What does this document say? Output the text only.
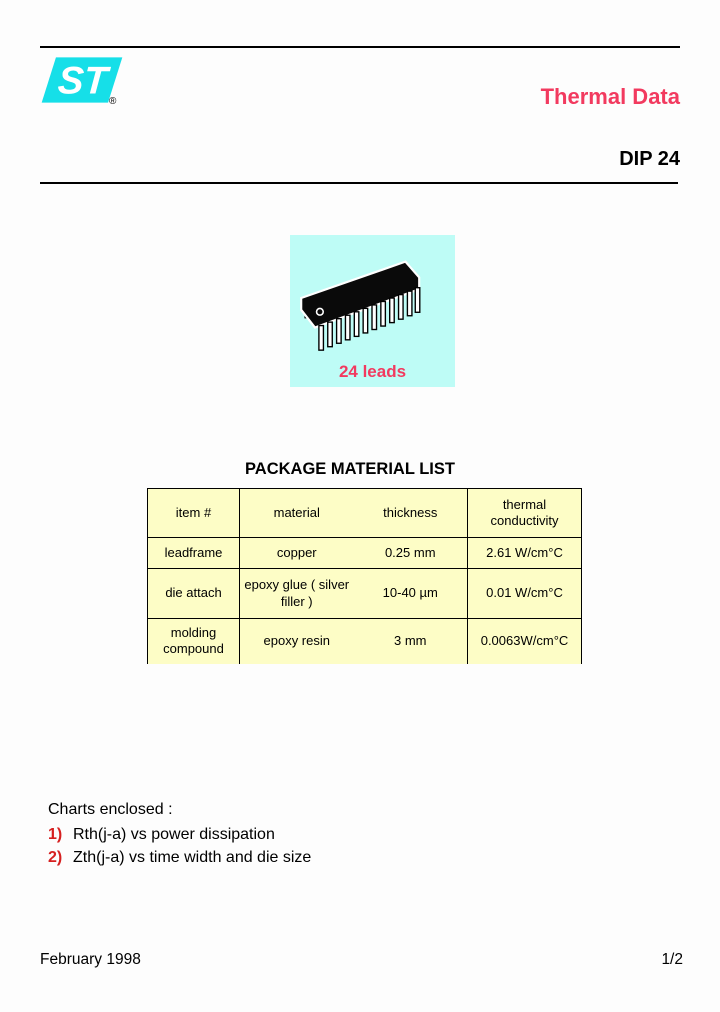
ST ®	Thermal Data
DIP 24
24 leads
PACKAGE MATERIAL LIST
item #	material	thickness	thermal conductivity
leadframe	copper	0.25 mm	2.61 W/cm°C
die attach	epoxy glue ( silver filler )	10-40 µm	0.01 W/cm°C
molding compound	epoxy resin	3 mm	0.0063W/cm°C

Charts enclosed :

1) Rth(j-a) vs power dissipation
2) Zth(j-a) vs time width and die size
February 1998	1/2
